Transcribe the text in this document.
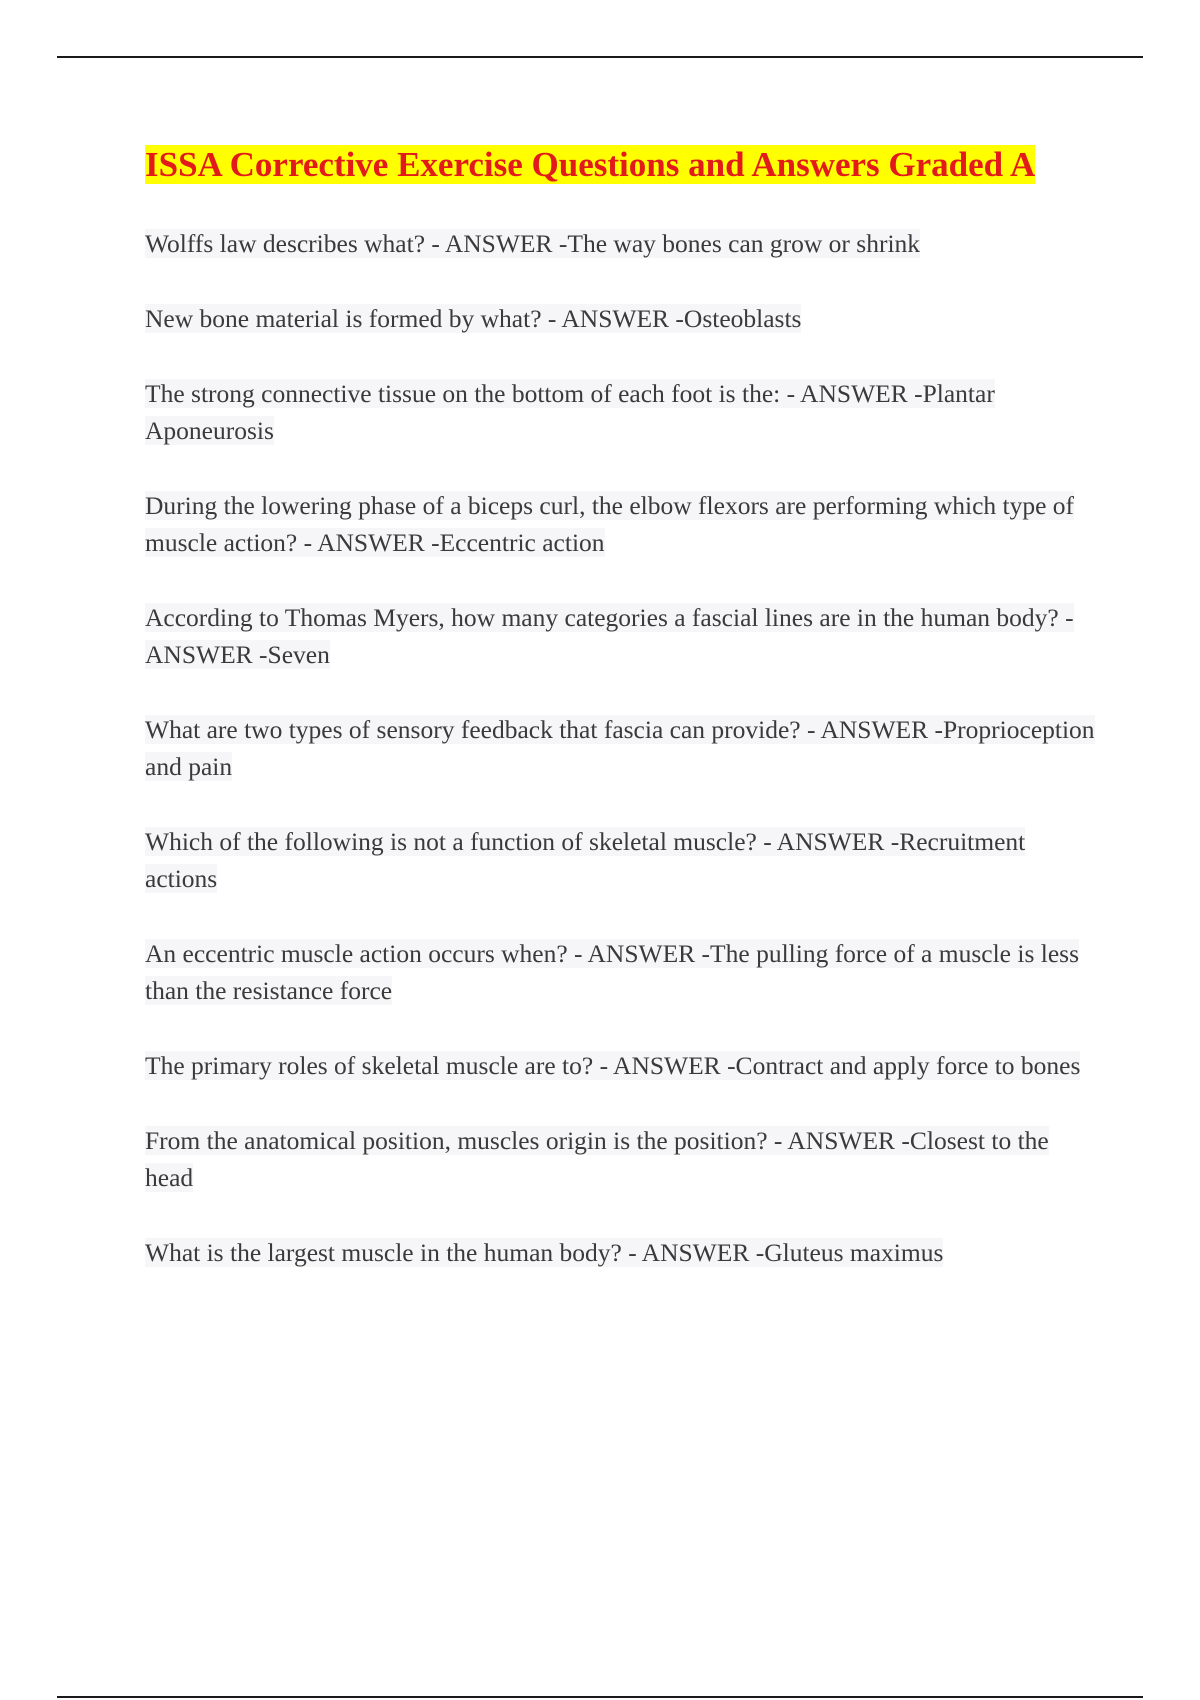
ISSA Corrective Exercise Questions and Answers Graded A

Wolffs law describes what? - ANSWER -The way bones can grow or shrink

New bone material is formed by what? - ANSWER -Osteoblasts

The strong connective tissue on the bottom of each foot is the: - ANSWER -Plantar Aponeurosis

During the lowering phase of a biceps curl, the elbow flexors are performing which type of muscle action? - ANSWER -Eccentric action

According to Thomas Myers, how many categories a fascial lines are in the human body? - ANSWER -Seven

What are two types of sensory feedback that fascia can provide? - ANSWER -Proprioception and pain

Which of the following is not a function of skeletal muscle? - ANSWER -Recruitment actions

An eccentric muscle action occurs when? - ANSWER -The pulling force of a muscle is less than the resistance force

The primary roles of skeletal muscle are to? - ANSWER -Contract and apply force to bones

From the anatomical position, muscles origin is the position? - ANSWER -Closest to the head

What is the largest muscle in the human body? - ANSWER -Gluteus maximus
